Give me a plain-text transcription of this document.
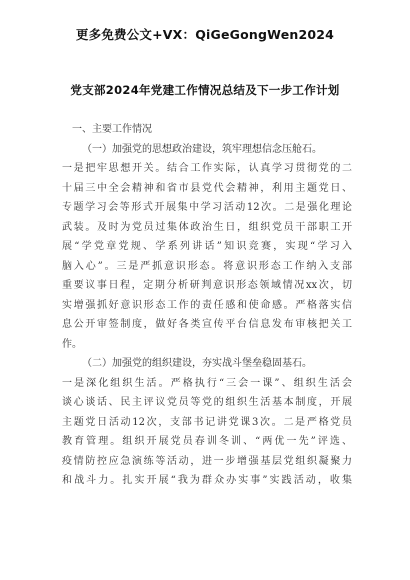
更多免费公文+VX：QiGeGongWen2024
党支部2024年党建工作情况总结及下一步工作计划
一、主要工作情况
（一）加强党的思想政治建设，筑牢理想信念压舱石。
一是把牢思想开关。结合工作实际，认真学习贯彻党的二
十届三中全会精神和省市县党代会精神，利用主题党日、
专题学习会等形式开展集中学习活动12次。二是强化理论
武装。及时为党员过集体政治生日，组织党员干部职工开
展“学党章党规、学系列讲话”知识竞赛，实现“学习入
脑入心”。三是严抓意识形态。将意识形态工作纳入支部
重要议事日程，定期分析研判意识形态领域情况xx次，切
实增强抓好意识形态工作的责任感和使命感。严格落实信
息公开审签制度，做好各类宣传平台信息发布审核把关工
作。
（二）加强党的组织建设，夯实战斗堡垒稳固基石。
一是深化组织生活。严格执行“三会一课”、组织生活会
谈心谈话、民主评议党员等党的组织生活基本制度，开展
主题党日活动12次，支部书记讲党课3次。二是严格党员
教育管理。组织开展党员春训冬训、“两优一先”评选、
疫情防控应急演练等活动，进一步增强基层党组织凝聚力
和战斗力。扎实开展“我为群众办实事”实践活动，收集
